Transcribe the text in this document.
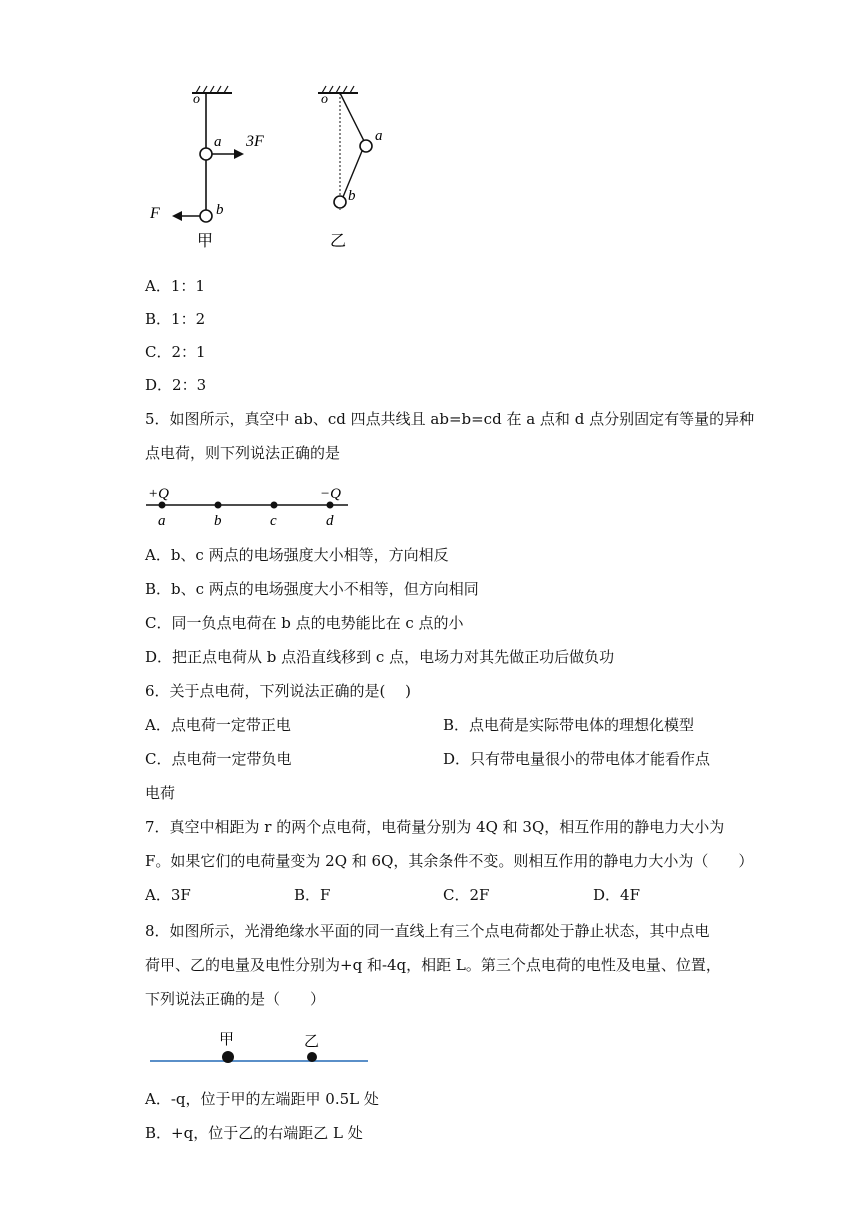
o
a 3F
b
F
甲
o
a
b
乙
A．1：1
B．1：2
C．2：1
D．2：3
5．如图所示，真空中 ab、cd 四点共线且 ab=b=cd 在 a 点和 d 点分别固定有等量的异种
点电荷，则下列说法正确的是
+Q	−Q
a	b	c	d
A．b、c 两点的电场强度大小相等，方向相反
B．b、c 两点的电场强度大小不相等，但方向相同
C．同一负点电荷在 b 点的电势能比在 c 点的小
D．把正点电荷从 b 点沿直线移到 c 点，电场力对其先做正功后做负功
6．关于点电荷，下列说法正确的是(　 )
A．点电荷一定带正电	B．点电荷是实际带电体的理想化模型
C．点电荷一定带负电	D．只有带电量很小的带电体才能看作点
电荷
7．真空中相距为 r 的两个点电荷，电荷量分别为 4Q 和 3Q，相互作用的静电力大小为
F。如果它们的电荷量变为 2Q 和 6Q，其余条件不变。则相互作用的静电力大小为（　　）
A．3F	B．F	C．2F	D．4F
8．如图所示，光滑绝缘水平面的同一直线上有三个点电荷都处于静止状态，其中点电
荷甲、乙的电量及电性分别为+q 和-4q，相距 L。第三个点电荷的电性及电量、位置，
下列说法正确的是（　　）
甲	乙
A．-q，位于甲的左端距甲 0.5L 处
B．+q，位于乙的右端距乙 L 处
